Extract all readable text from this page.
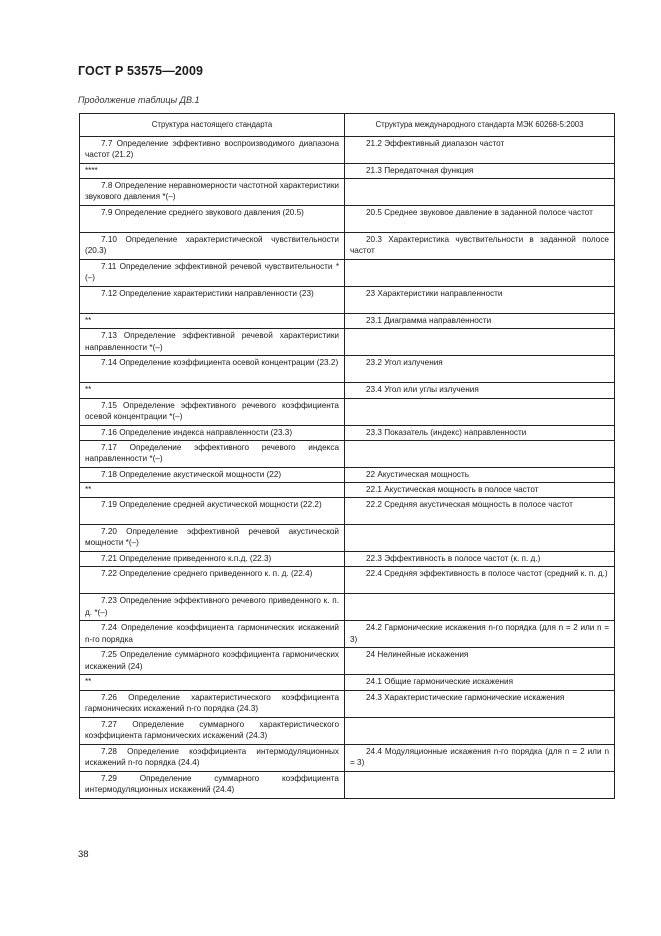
ГОСТ Р 53575—2009
Продолжение таблицы ДВ.1
Структура настоящего стандарта	Структура международного стандарта МЭК 60268-5:2003
7.7 Определение эффективно воспроизводимого диапазона частот (21.2)	21.2 Эффективный диапазон частот
****	21.3 Передаточная функция
7.8 Определение неравномерности частотной характеристики звукового давления *(–)	
7.9 Определение среднего звукового давления (20.5)	20.5 Среднее звуковое давление в заданной полосе частот
7.10 Определение характеристической чувствительности (20.3)	20.3 Характеристика чувствительности в заданной полосе частот
7.11 Определение эффективной речевой чувствительности *(–)	
7.12 Определение характеристики направленности (23)	23 Характеристики направленности
**	23.1 Диаграмма направленности
7.13 Определение эффективной речевой характеристики направленности *(–)	
7.14 Определение коэффициента осевой концентрации (23.2)	23.2 Угол излучения
**	23.4 Угол или углы излучения
7.15 Определение эффективного речевого коэффициента осевой концентрации *(–)	
7.16 Определение индекса направленности (23.3)	23.3 Показатель (индекс) направленности
7.17 Определение эффективного речевого индекса направленности *(–)	
7.18 Определение акустической мощности (22)	22 Акустическая мощность
**	22.1 Акустическая мощность в полосе частот
7.19 Определение средней акустической мощности (22.2)	22.2 Средняя акустическая мощность в полосе частот
7.20 Определение эффективной речевой акустической мощности *(–)	
7.21 Определение приведенного к.п.д. (22.3)	22.3 Эффективность в полосе частот (к. п. д.)
7.22 Определение среднего приведенного к. п. д. (22.4)	22.4 Средняя эффективность в полосе частот (средний к. п. д.)
7.23 Определение эффективного речевого приведенного к. п. д. *(–)	
7.24 Определение коэффициента гармонических искажений n-го порядка	24.2 Гармонические искажения n-го порядка (для n = 2 или n = 3)
7.25 Определение суммарного коэффициента гармонических искажений (24)	24 Нелинейные искажения
**	24.1 Общие гармонические искажения
7.26 Определение характеристического коэффициента гармонических искажений n-го порядка (24.3)	24.3 Характеристические гармонические искажения
7.27 Определение суммарного характеристического коэффициента гармонических искажений (24.3)	
7.28 Определение коэффициента интермодуляционных искажений n-го порядка (24.4)	24.4 Модуляционные искажения n-го порядка (для n = 2 или n = 3)
7.29 Определение суммарного коэффициента интермодуляционных искажений (24.4)	
38
